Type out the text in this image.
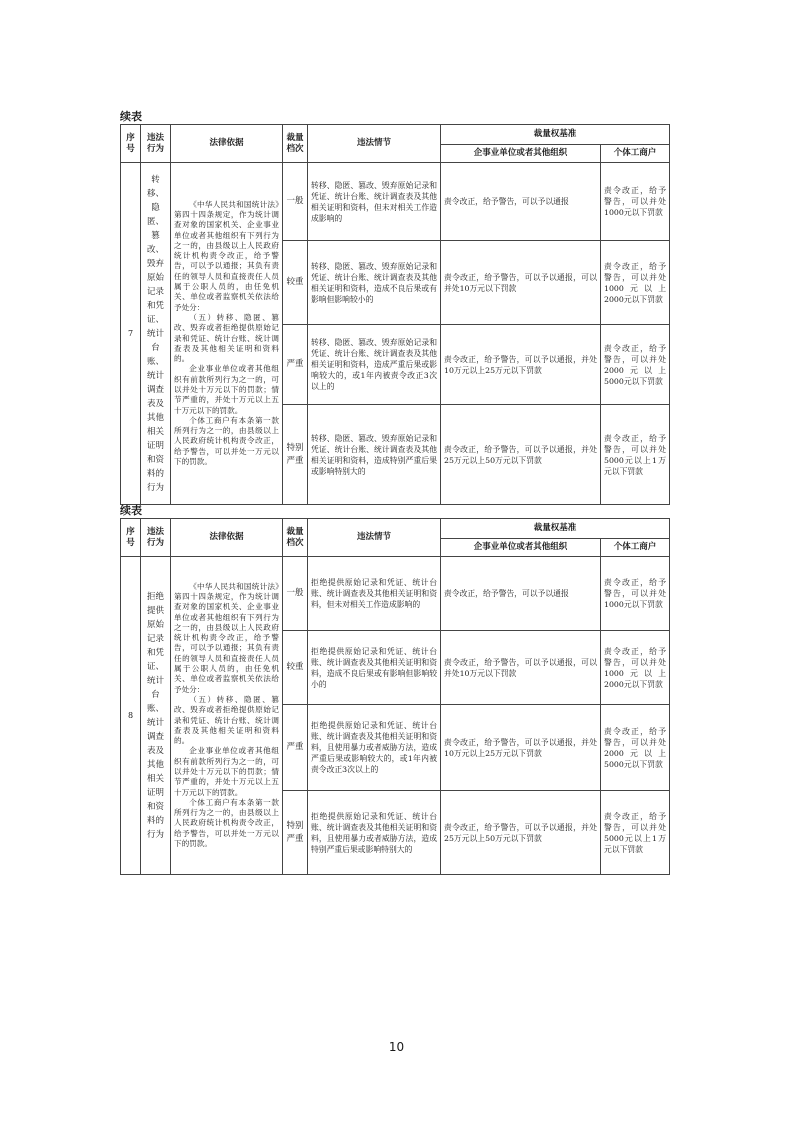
续表
序号	违法行为	法律依据	裁量档次	违法情节	裁量权基准	
					企事业单位或者其他组织	个体工商户
7	转移、隐匿、篡改、毁弃原始记录和凭证、统计台账、统计调查表及其他相关证明和资料的行为	《中华人民共和国统计法》第四十四条规定，作为统计调查对象的国家机关、企业事业单位或者其他组织有下列行为之一的，由县级以上人民政府统计机构责令改正，给予警告，可以予以通报；其负有责任的领导人员和直接责任人员属于公职人员的，由任免机关、单位或者监察机关依法给予处分：

（五）转移、隐匿、篡改、毁弃或者拒绝提供原始记录和凭证、统计台账、统计调查表及其他相关证明和资料的。

企业事业单位或者其他组织有前款所列行为之一的，可以并处十万元以下的罚款；情节严重的，并处十万元以上五十万元以下的罚款。

个体工商户有本条第一款所列行为之一的，由县级以上人民政府统计机构责令改正，给予警告，可以并处一万元以下的罚款。	一般	转移、隐匿、篡改、毁弃原始记录和凭证、统计台账、统计调查表及其他相关证明和资料，但未对相关工作造成影响的	责令改正，给予警告，可以予以通报	责令改正，给予警告，可以并处1000元以下罚款
			较重	转移、隐匿、篡改、毁弃原始记录和凭证、统计台账、统计调查表及其他相关证明和资料，造成不良后果或有影响但影响较小的	责令改正，给予警告，可以予以通报，可以并处10万元以下罚款	责令改正，给予警告，可以并处1000元以上2000元以下罚款
			严重	转移、隐匿、篡改、毁弃原始记录和凭证、统计台账、统计调查表及其他相关证明和资料，造成严重后果或影响较大的，或1年内被责令改正3次以上的	责令改正，给予警告，可以予以通报，并处10万元以上25万元以下罚款	责令改正，给予警告，可以并处2000元以上5000元以下罚款
			特别严重	转移、隐匿、篡改、毁弃原始记录和凭证、统计台账、统计调查表及其他相关证明和资料，造成特别严重后果或影响特别大的	责令改正，给予警告，可以予以通报，并处25万元以上50万元以下罚款	责令改正，给予警告，可以并处5000元以上1万元以下罚款
续表
序号	违法行为	法律依据	裁量档次	违法情节	裁量权基准	
					企事业单位或者其他组织	个体工商户
8	拒绝提供原始记录和凭证、统计台账、统计调查表及其他相关证明和资料的行为	《中华人民共和国统计法》第四十四条规定，作为统计调查对象的国家机关、企业事业单位或者其他组织有下列行为之一的，由县级以上人民政府统计机构责令改正，给予警告，可以予以通报；其负有责任的领导人员和直接责任人员属于公职人员的，由任免机关、单位或者监察机关依法给予处分：

（五）转移、隐匿、篡改、毁弃或者拒绝提供原始记录和凭证、统计台账、统计调查表及其他相关证明和资料的。

企业事业单位或者其他组织有前款所列行为之一的，可以并处十万元以下的罚款；情节严重的，并处十万元以上五十万元以下的罚款。

个体工商户有本条第一款所列行为之一的，由县级以上人民政府统计机构责令改正，给予警告，可以并处一万元以下的罚款。	一般	拒绝提供原始记录和凭证、统计台账、统计调查表及其他相关证明和资料，但未对相关工作造成影响的	责令改正，给予警告，可以予以通报	责令改正，给予警告，可以并处1000元以下罚款
			较重	拒绝提供原始记录和凭证、统计台账、统计调查表及其他相关证明和资料，造成不良后果或有影响但影响较小的	责令改正，给予警告，可以予以通报，可以并处10万元以下罚款	责令改正，给予警告，可以并处1000元以上2000元以下罚款
			严重	拒绝提供原始记录和凭证、统计台账、统计调查表及其他相关证明和资料，且使用暴力或者威胁方法，造成严重后果或影响较大的，或1年内被责令改正3次以上的	责令改正，给予警告，可以予以通报，并处10万元以上25万元以下罚款	责令改正，给予警告，可以并处2000元以上5000元以下罚款
			特别严重	拒绝提供原始记录和凭证、统计台账、统计调查表及其他相关证明和资料，且使用暴力或者威胁方法，造成特别严重后果或影响特别大的	责令改正，给予警告，可以予以通报，并处25万元以上50万元以下罚款	责令改正，给予警告，可以并处5000元以上1万元以下罚款
10
